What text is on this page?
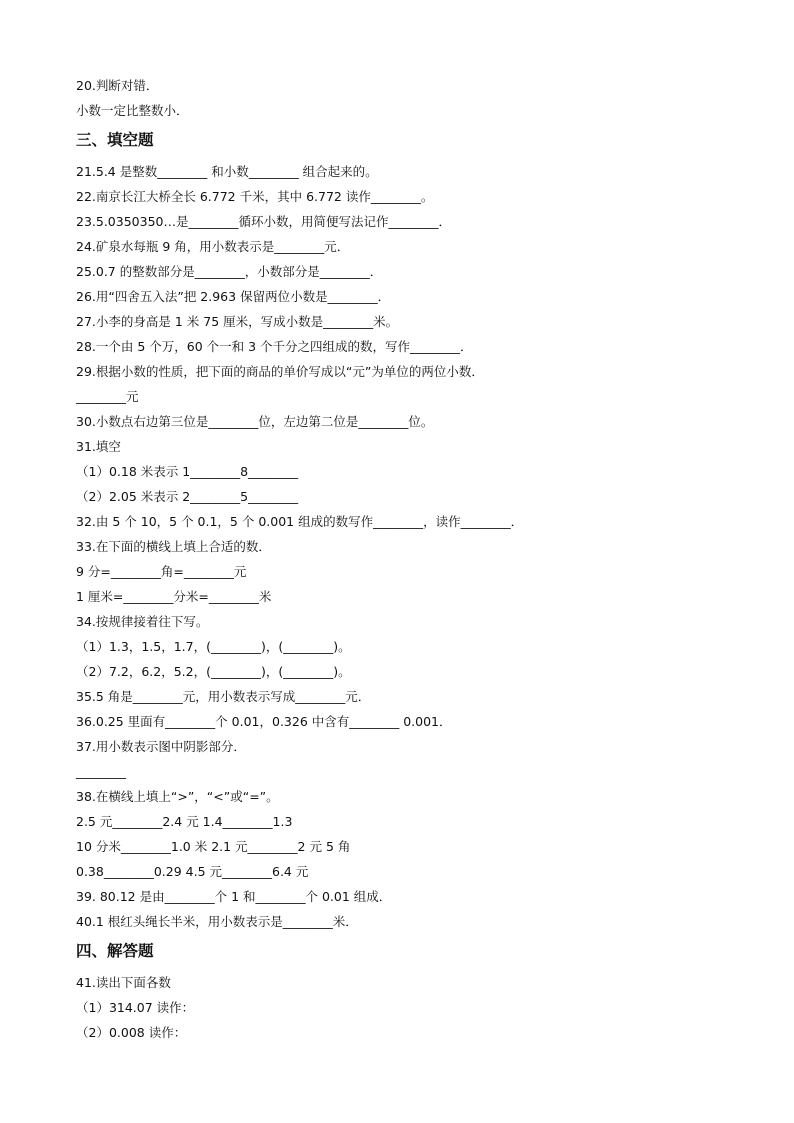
20.判断对错．
小数一定比整数小．
三、填空题
21.5.4 是整数________ 和小数________ 组合起来的。
22.南京长江大桥全长 6.772 千米，其中 6.772 读作________。
23.5.0350350…是________循环小数，用简便写法记作________．
24.矿泉水每瓶 9 角，用小数表示是________元．
25.0.7 的整数部分是________，小数部分是________．
26.用“四舍五入法”把 2.963 保留两位小数是________．
27.小李的身高是 1 米 75 厘米，写成小数是________米。
28.一个由 5 个万，60 个一和 3 个千分之四组成的数，写作________．
29.根据小数的性质，把下面的商品的单价写成以“元”为单位的两位小数．
________元
30.小数点右边第三位是________位，左边第二位是________位。
31.填空
（1）0.18 米表示 1________8________
（2）2.05 米表示 2________5________
32.由 5 个 10，5 个 0.1，5 个 0.001 组成的数写作________，读作________．
33.在下面的横线上填上合适的数．
9 分=________角=________元
1 厘米=________分米=________米
34.按规律接着往下写。
（1）1.3，1.5，1.7，(________)，(________)。
（2）7.2，6.2，5.2，(________)，(________)。
35.5 角是________元，用小数表示写成________元．
36.0.25 里面有________个 0.01，0.326 中含有________ 0.001．
37.用小数表示图中阴影部分．
________
38.在横线上填上“>”，“<”或“=”。
2.5 元________2.4 元 1.4________1.3
10 分米________1.0 米 2.1 元________2 元 5 角
0.38________0.29 4.5 元________6.4 元
39. 80.12 是由________个 1 和________个 0.01 组成．
40.1 根红头绳长半米，用小数表示是________米．
四、解答题
41.读出下面各数
（1）314.07 读作：
（2）0.008 读作：
